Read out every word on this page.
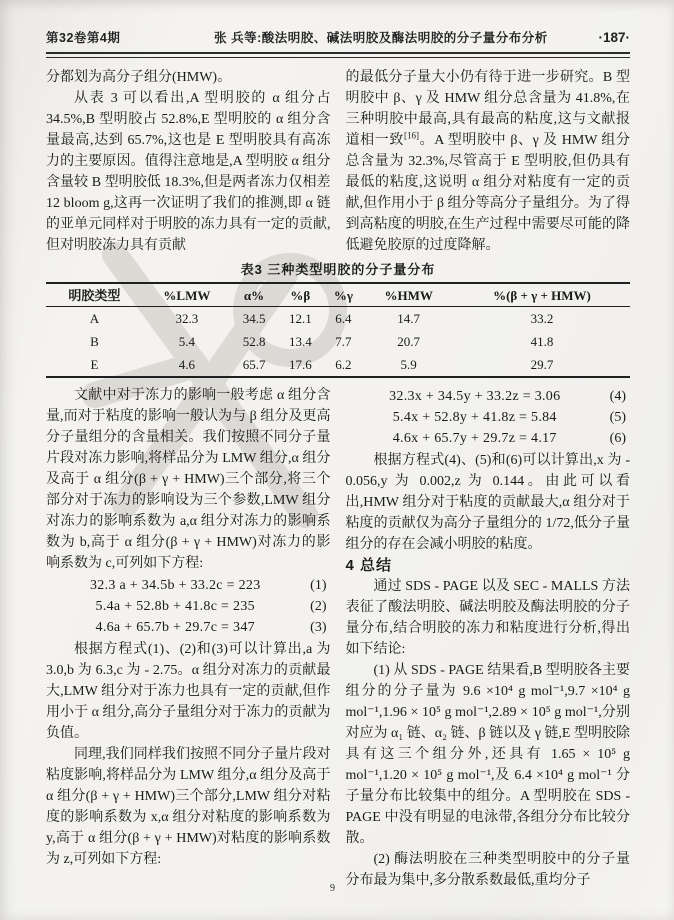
第32卷第4期	张 兵等:酸法明胶、碱法明胶及酶法明胶的分子量分布分析	·187·

分都划为高分子组分(HMW)。

从表 3 可以看出,A 型明胶的 α 组分占 34.5%,B 型明胶占 52.8%,E 型明胶的 α 组分含量最高,达到 65.7%,这也是 E 型明胶具有高冻力的主要原因。值得注意地是,A 型明胶 α 组分含量较 B 型明胶低 18.3%,但是两者冻力仅相差 12 bloom g,这再一次证明了我们的推测,即 α 链的亚单元同样对于明胶的冻力具有一定的贡献,但对明胶冻力具有贡献

的最低分子量大小仍有待于进一步研究。B 型明胶中 β、γ 及 HMW 组分总含量为 41.8%,在三种明胶中最高,具有最高的粘度,这与文献报道相一致[16]。A 型明胶中 β、γ 及 HMW 组分总含量为 32.3%,尽管高于 E 型明胶,但仍具有最低的粘度,这说明 α 组分对粘度有一定的贡献,但作用小于 β 组分等高分子量组分。为了得到高粘度的明胶,在生产过程中需要尽可能的降低避免胶原的过度降解。

表3 三种类型明胶的分子量分布
明胶类型	%LMW	α%	%β	%γ	%HMW	%(β + γ + HMW)
A	32.3	34.5	12.1	6.4	14.7	33.2
B	5.4	52.8	13.4	7.7	20.7	41.8
E	4.6	65.7	17.6	6.2	5.9	29.7

文献中对于冻力的影响一般考虑 α 组分含量,而对于粘度的影响一般认为与 β 组分及更高分子量组分的含量相关。我们按照不同分子量片段对冻力影响,将样品分为 LMW 组分,α 组分及高于 α 组分(β + γ + HMW)三个部分,将三个部分对于冻力的影响设为三个参数,LMW 组分对冻力的影响系数为 a,α 组分对冻力的影响系数为 b,高于 α 组分(β + γ + HMW)对冻力的影响系数为 c,可列如下方程:

32.3 a + 34.5b + 33.2c = 223	(1)
5.4a + 52.8b + 41.8c = 235	(2)
4.6a + 65.7b + 29.7c = 347	(3)

根据方程式(1)、(2)和(3)可以计算出,a 为 3.0,b 为 6.3,c 为 - 2.75。α 组分对冻力的贡献最大,LMW 组分对于冻力也具有一定的贡献,但作用小于 α 组分,高分子量组分对于冻力的贡献为负值。

同理,我们同样我们按照不同分子量片段对粘度影响,将样品分为 LMW 组分,α 组分及高于 α 组分(β + γ + HMW)三个部分,LMW 组分对粘度的影响系数为 x,α 组分对粘度的影响系数为 y,高于 α 组分(β + γ + HMW)对粘度的影响系数为 z,可列如下方程:

32.3x + 34.5y + 33.2z = 3.06	(4)
5.4x + 52.8y + 41.8z = 5.84	(5)
4.6x + 65.7y + 29.7z = 4.17	(6)

根据方程式(4)、(5)和(6)可以计算出,x 为 - 0.056,y 为 0.002,z 为 0.144。由此可以看出,HMW 组分对于粘度的贡献最大,α 组分对于粘度的贡献仅为高分子量组分的 1/72,低分子量组分的存在会减小明胶的粘度。

4 总结

通过 SDS - PAGE 以及 SEC - MALLS 方法表征了酸法明胶、碱法明胶及酶法明胶的分子量分布,结合明胶的冻力和粘度进行分析,得出如下结论:

(1) 从 SDS - PAGE 结果看,B 型明胶各主要组分的分子量为 9.6 ×10⁴ g mol⁻¹,9.7 ×10⁴ g mol⁻¹,1.96 × 10⁵ g mol⁻¹,2.89 × 10⁵ g mol⁻¹,分别对应为 α₁ 链、α₂ 链、β 链以及 γ 链,E 型明胶除具有这三个组分外,还具有 1.65 × 10⁵ g mol⁻¹,1.20 × 10⁵ g mol⁻¹,及 6.4 ×10⁴ g mol⁻¹ 分子量分布比较集中的组分。A 型明胶在 SDS - PAGE 中没有明显的电泳带,各组分分布比较分散。

(2) 酶法明胶在三种类型明胶中的分子量分布最为集中,多分散系数最低,重均分子

9
